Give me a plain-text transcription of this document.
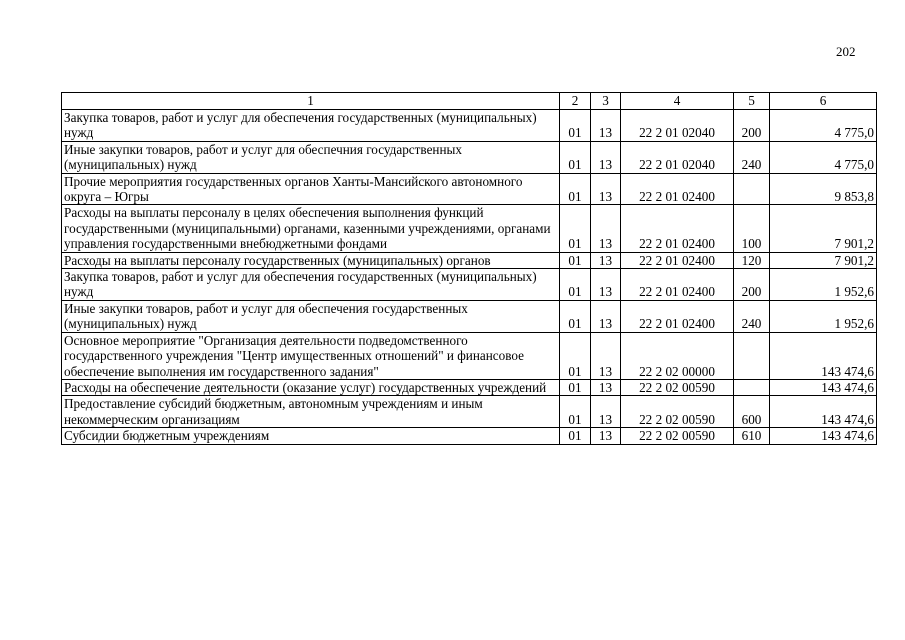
202
1	2	3	4	5	6
Закупка товаров, работ и услуг для обеспечения государственных (муниципальных) нужд	01	13	22 2 01 02040	200	4 775,0
Иные закупки товаров, работ и услуг для обеспечния государственных (муниципальных) нужд	01	13	22 2 01 02040	240	4 775,0
Прочие мероприятия государственных органов Ханты-Мансийского автономного округа – Югры	01	13	22 2 01 02400		9 853,8
Расходы на выплаты персоналу в целях обеспечения выполнения функций государственными (муниципальными) органами, казенными учреждениями, органами управления государственными внебюджетными фондами	01	13	22 2 01 02400	100	7 901,2
Расходы на выплаты персоналу государственных (муниципальных) органов	01	13	22 2 01 02400	120	7 901,2
Закупка товаров, работ и услуг для обеспечения государственных (муниципальных) нужд	01	13	22 2 01 02400	200	1 952,6
Иные закупки товаров, работ и услуг для обеспечения государственных (муниципальных) нужд	01	13	22 2 01 02400	240	1 952,6
Основное мероприятие "Организация деятельности подведомственного государственного учреждения "Центр имущественных отношений" и финансовое обеспечение выполнения им государственного задания"	01	13	22 2 02 00000		143 474,6
Расходы на обеспечение деятельности (оказание услуг) государственных учреждений	01	13	22 2 02 00590		143 474,6
Предоставление субсидий бюджетным, автономным учреждениям и иным некоммерческим организациям	01	13	22 2 02 00590	600	143 474,6
Субсидии бюджетным учреждениям	01	13	22 2 02 00590	610	143 474,6
